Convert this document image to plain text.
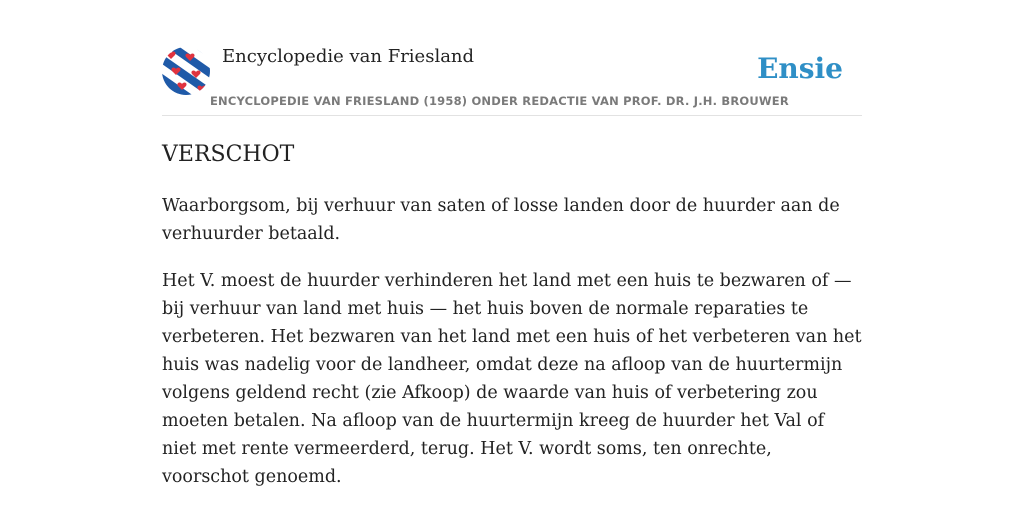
Encyclopedie van Friesland
ENCYCLOPEDIE VAN FRIESLAND (1958) ONDER REDACTIE VAN PROF. DR. J.H. BROUWER
Ensie
VERSCHOT

Waarborgsom, bij verhuur van saten of losse landen door de huurder aan de verhuurder betaald.

Het V. moest de huurder verhinderen het land met een huis te bezwaren of — bij verhuur van land met huis — het huis boven de normale reparaties te verbeteren. Het bezwaren van het land met een huis of het verbeteren van het huis was nadelig voor de landheer, omdat deze na afloop van de huurtermijn volgens geldend recht (zie Afkoop) de waarde van huis of verbetering zou moeten betalen. Na afloop van de huurtermijn kreeg de huurder het Val of niet met rente vermeerderd, terug. Het V. wordt soms, ten onrechte, voorschot genoemd.
